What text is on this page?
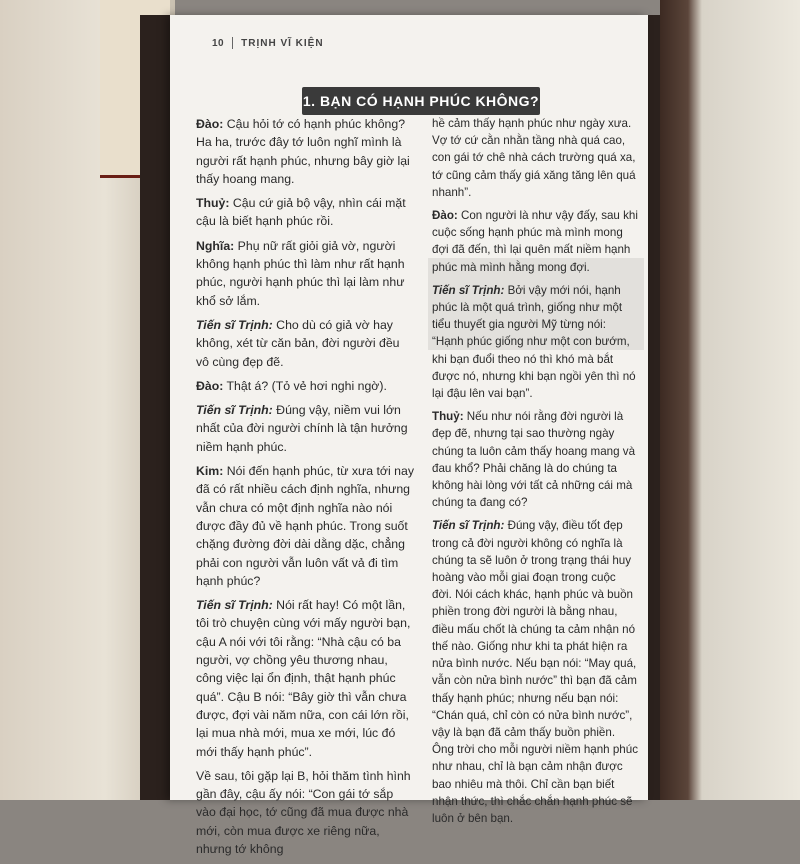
10 TRỊNH VĨ KIỆN
1. BẠN CÓ HẠNH PHÚC KHÔNG?

Đào: Cậu hỏi tớ có hạnh phúc không? Ha ha, trước đây tớ luôn nghĩ mình là người rất hạnh phúc, nhưng bây giờ lại thấy hoang mang.

Thuỷ: Cậu cứ giả bộ vậy, nhìn cái mặt cậu là biết hạnh phúc rồi.

Nghĩa: Phụ nữ rất giỏi giả vờ, người không hạnh phúc thì làm như rất hạnh phúc, người hạnh phúc thì lại làm như khổ sở lắm.

Tiến sĩ Trịnh: Cho dù có giả vờ hay không, xét từ căn bản, đời người đều vô cùng đẹp đẽ.

Đào: Thật á? (Tỏ vẻ hơi nghi ngờ).

Tiến sĩ Trịnh: Đúng vậy, niềm vui lớn nhất của đời người chính là tận hưởng niềm hạnh phúc.

Kim: Nói đến hạnh phúc, từ xưa tới nay đã có rất nhiều cách định nghĩa, nhưng vẫn chưa có một định nghĩa nào nói được đầy đủ về hạnh phúc. Trong suốt chặng đường đời dài dằng dặc, chẳng phải con người vẫn luôn vất vả đi tìm hạnh phúc?

Tiến sĩ Trịnh: Nói rất hay! Có một lần, tôi trò chuyện cùng với mấy người bạn, cậu A nói với tôi rằng: “Nhà cậu có ba người, vợ chồng yêu thương nhau, công việc lại ổn định, thật hạnh phúc quá”. Cậu B nói: “Bây giờ thì vẫn chưa được, đợi vài năm nữa, con cái lớn rồi, lại mua nhà mới, mua xe mới, lúc đó mới thấy hạnh phúc”.

Về sau, tôi gặp lại B, hỏi thăm tình hình gần đây, cậu ấy nói: “Con gái tớ sắp vào đại học, tớ cũng đã mua được nhà mới, còn mua được xe riêng nữa, nhưng tớ không

hề cảm thấy hạnh phúc như ngày xưa. Vợ tớ cứ cằn nhằn tầng nhà quá cao, con gái tớ chê nhà cách trường quá xa, tớ cũng cảm thấy giá xăng tăng lên quá nhanh”.

Đào: Con người là như vậy đấy, sau khi cuộc sống hạnh phúc mà mình mong đợi đã đến, thì lại quên mất niềm hạnh phúc mà mình hằng mong đợi.

Tiến sĩ Trịnh: Bởi vậy mới nói, hạnh phúc là một quá trình, giống như một tiểu thuyết gia người Mỹ từng nói: “Hạnh phúc giống như một con bướm, khi bạn đuổi theo nó thì khó mà bắt được nó, nhưng khi bạn ngồi yên thì nó lại đậu lên vai bạn”.

Thuỷ: Nếu như nói rằng đời người là đẹp đẽ, nhưng tại sao thường ngày chúng ta luôn cảm thấy hoang mang và đau khổ? Phải chăng là do chúng ta không hài lòng với tất cả những cái mà chúng ta đang có?

Tiến sĩ Trịnh: Đúng vậy, điều tốt đẹp trong cả đời người không có nghĩa là chúng ta sẽ luôn ở trong trạng thái huy hoàng vào mỗi giai đoạn trong cuộc đời. Nói cách khác, hạnh phúc và buồn phiền trong đời người là bằng nhau, điều mấu chốt là chúng ta cảm nhận nó thế nào. Giống như khi ta phát hiện ra nửa bình nước. Nếu bạn nói: “May quá, vẫn còn nửa bình nước” thì bạn đã cảm thấy hạnh phúc; nhưng nếu bạn nói: “Chán quá, chỉ còn có nửa bình nước”, vậy là bạn đã cảm thấy buồn phiền. Ông trời cho mỗi người niềm hạnh phúc như nhau, chỉ là bạn cảm nhận được bao nhiêu mà thôi. Chỉ cần bạn biết nhận thức, thì chắc chắn hạnh phúc sẽ luôn ở bên bạn.
